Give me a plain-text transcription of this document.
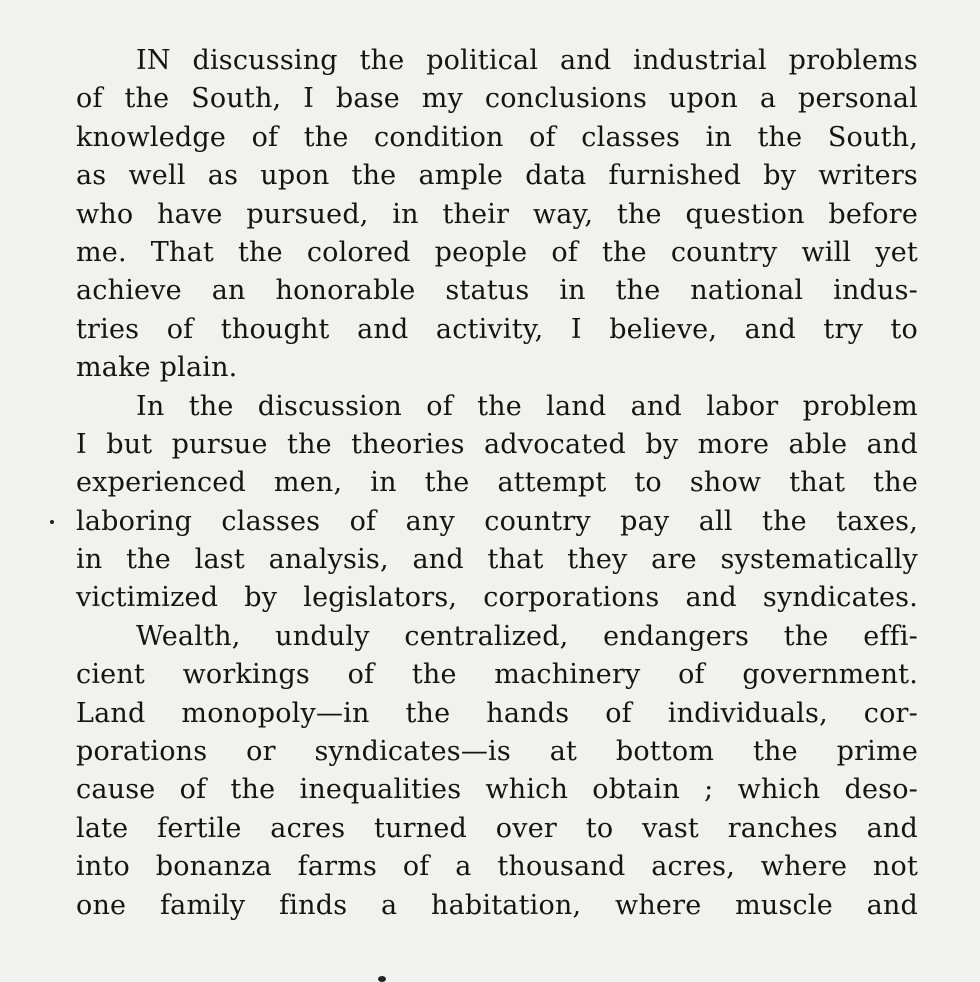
IN discussing the political and industrial problems
of the South, I base my conclusions upon a personal
knowledge of the condition of classes in the South,
as well as upon the ample data furnished by writers
who have pursued, in their way, the question before
me. That the colored people of the country will yet
achieve an honorable status in the national indus-
tries of thought and activity, I believe, and try to
make plain.
In the discussion of the land and labor problem
I but pursue the theories advocated by more able and
experienced men, in the attempt to show that the
laboring classes of any country pay all the taxes,
in the last analysis, and that they are systematically
victimized by legislators, corporations and syndicates.
Wealth, unduly centralized, endangers the effi-
cient workings of the machinery of government.
Land monopoly—in the hands of individuals, cor-
porations or syndicates—is at bottom the prime
cause of the inequalities which obtain ; which deso-
late fertile acres turned over to vast ranches and
into bonanza farms of a thousand acres, where not
one family finds a habitation, where muscle and
